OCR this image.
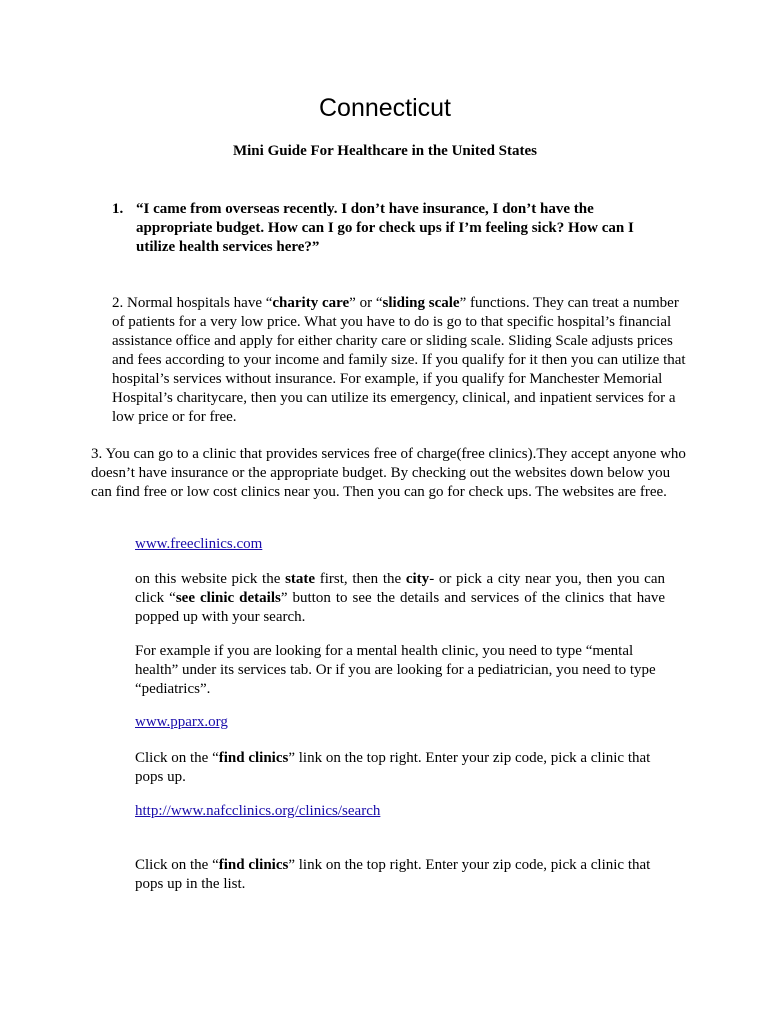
Connecticut
Mini Guide For Healthcare in the United States
1. “I came from overseas recently. I don’t have insurance, I don’t have the appropriate budget. How can I go for check ups if I’m feeling sick? How can I utilize health services here?”
2. Normal hospitals have “charity care” or “sliding scale” functions. They can treat a number of patients for a very low price. What you have to do is go to that specific hospital’s financial assistance office and apply for either charity care or sliding scale. Sliding Scale adjusts prices and fees according to your income and family size. If you qualify for it then you can utilize that hospital’s services without insurance. For example, if you qualify for Manchester Memorial Hospital’s charitycare, then you can utilize its emergency, clinical, and inpatient services for a low price or for free.
3. You can go to a clinic that provides services free of charge(free clinics).They accept anyone who doesn’t have insurance or the appropriate budget. By checking out the websites down below you can find free or low cost clinics near you. Then you can go for check ups. The websites are free.
www.freeclinics.com
on this website pick the state first, then the city- or pick a city near you, then you can click “see clinic details” button to see the details and services of the clinics that have popped up with your search.
For example if you are looking for a mental health clinic, you need to type “mental health” under its services tab. Or if you are looking for a pediatrician, you need to type “pediatrics”.
www.pparx.org
Click on the “find clinics” link on the top right. Enter your zip code, pick a clinic that pops up.
http://www.nafcclinics.org/clinics/search
Click on the “find clinics” link on the top right. Enter your zip code, pick a clinic that pops up in the list.
